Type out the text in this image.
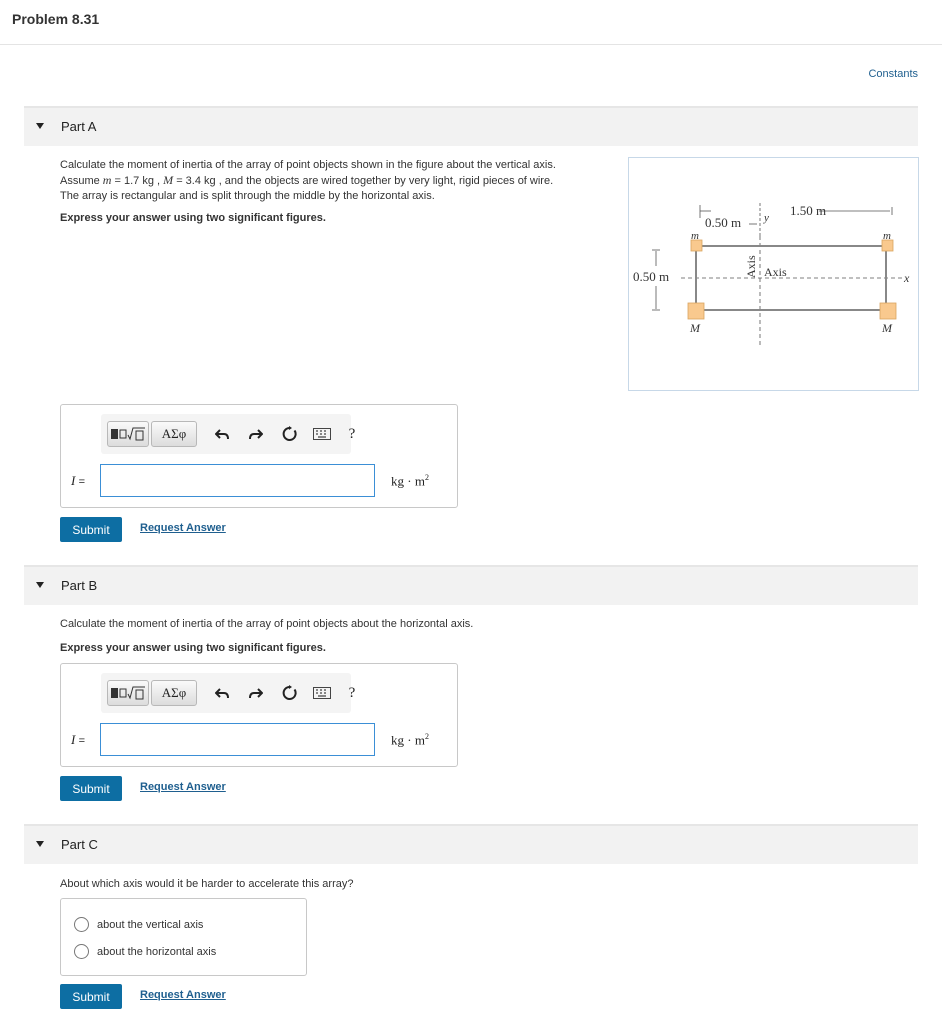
Problem 8.31
Constants
Part A
Calculate the moment of inertia of the array of point objects shown in the figure about the vertical axis.
Assume m = 1.7 kg , M = 3.4 kg , and the objects are wired together by very light, rigid pieces of wire.
The array is rectangular and is split through the middle by the horizontal axis.
Express your answer using two significant figures.	0.50 m
1.50 m
y
0.50 m	x
m	m
M	M
Axis Axis
ΑΣφ	?
I =	kg · $m^2$
Submit	Request Answer
Part B
Calculate the moment of inertia of the array of point objects about the horizontal axis.
Express your answer using two significant figures.
ΑΣφ	?
I =	kg · $m^2$
Submit	Request Answer
Part C
About which axis would it be harder to accelerate this array?
about the vertical axis
about the horizontal axis
Submit	Request Answer
